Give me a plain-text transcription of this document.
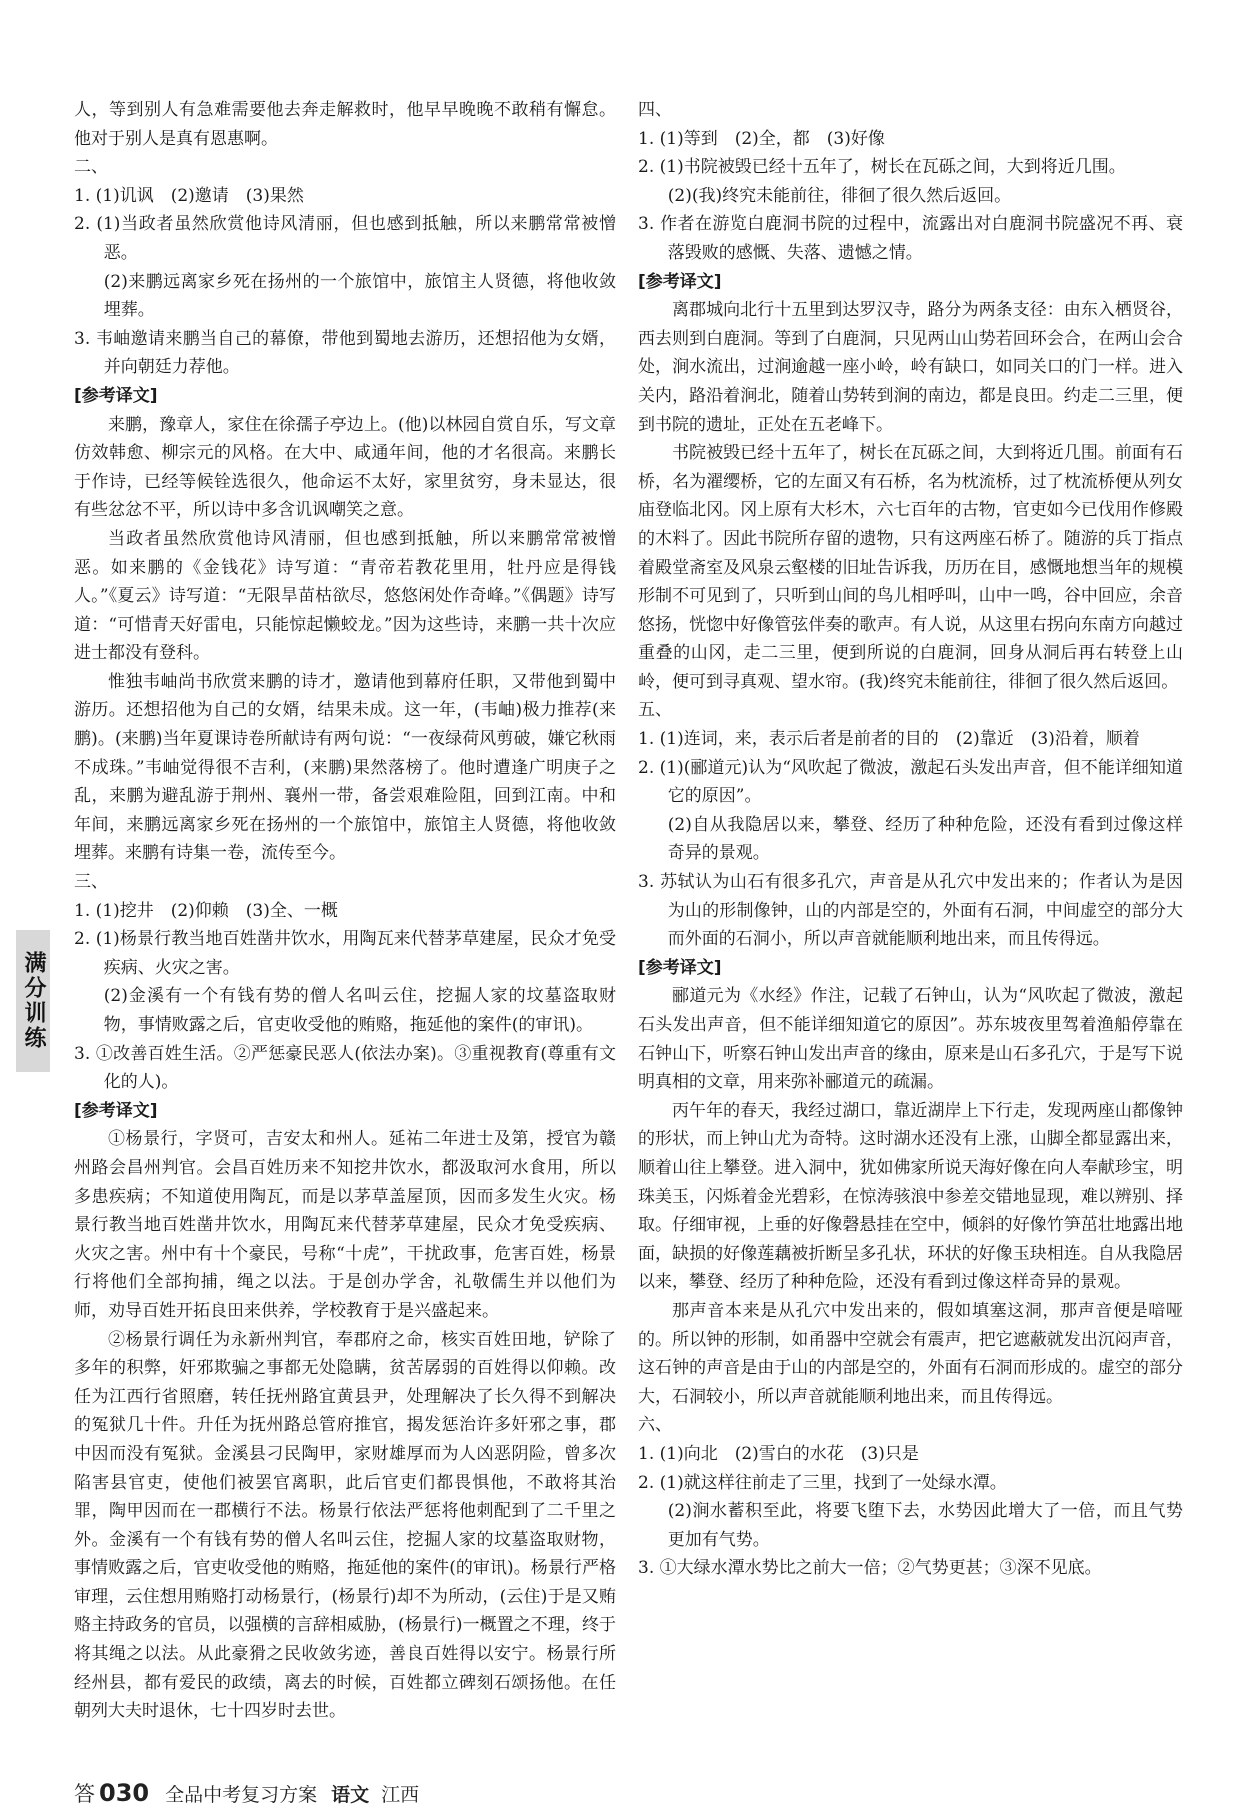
人，等到别人有急难需要他去奔走解救时，他早早晚晚不敢稍有懈怠。他对于别人是真有恩惠啊。

二、

1. (1)讥讽　(2)邀请　(3)果然

2. (1)当政者虽然欣赏他诗风清丽，但也感到抵触，所以来鹏常常被憎恶。

(2)来鹏远离家乡死在扬州的一个旅馆中，旅馆主人贤德，将他收敛埋葬。

3. 韦岫邀请来鹏当自己的幕僚，带他到蜀地去游历，还想招他为女婿，并向朝廷力荐他。

[参考译文]

来鹏，豫章人，家住在徐孺子亭边上。(他)以林园自赏自乐，写文章仿效韩愈、柳宗元的风格。在大中、咸通年间，他的才名很高。来鹏长于作诗，已经等候铨选很久，他命运不太好，家里贫穷，身未显达，很有些忿忿不平，所以诗中多含讥讽嘲笑之意。

当政者虽然欣赏他诗风清丽，但也感到抵触，所以来鹏常常被憎恶。如来鹏的《金钱花》诗写道：“青帝若教花里用，牡丹应是得钱人。”《夏云》诗写道：“无限旱苗枯欲尽，悠悠闲处作奇峰。”《偶题》诗写道：“可惜青天好雷电，只能惊起懒蛟龙。”因为这些诗，来鹏一共十次应进士都没有登科。

惟独韦岫尚书欣赏来鹏的诗才，邀请他到幕府任职，又带他到蜀中游历。还想招他为自己的女婿，结果未成。这一年，(韦岫)极力推荐(来鹏)。(来鹏)当年夏课诗卷所献诗有两句说：“一夜绿荷风剪破，嫌它秋雨不成珠。”韦岫觉得很不吉利，(来鹏)果然落榜了。他时遭逢广明庚子之乱，来鹏为避乱游于荆州、襄州一带，备尝艰难险阻，回到江南。中和年间，来鹏远离家乡死在扬州的一个旅馆中，旅馆主人贤德，将他收敛埋葬。来鹏有诗集一卷，流传至今。

三、

1. (1)挖井　(2)仰赖　(3)全、一概

2. (1)杨景行教当地百姓凿井饮水，用陶瓦来代替茅草建屋，民众才免受疾病、火灾之害。

(2)金溪有一个有钱有势的僧人名叫云住，挖掘人家的坟墓盗取财物，事情败露之后，官吏收受他的贿赂，拖延他的案件(的审讯)。

3. ①改善百姓生活。②严惩豪民恶人(依法办案)。③重视教育(尊重有文化的人)。

[参考译文]

①杨景行，字贤可，吉安太和州人。延祐二年进士及第，授官为赣州路会昌州判官。会昌百姓历来不知挖井饮水，都汲取河水食用，所以多患疾病；不知道使用陶瓦，而是以茅草盖屋顶，因而多发生火灾。杨景行教当地百姓凿井饮水，用陶瓦来代替茅草建屋，民众才免受疾病、火灾之害。州中有十个豪民，号称“十虎”，干扰政事，危害百姓，杨景行将他们全部拘捕，绳之以法。于是创办学舍，礼敬儒生并以他们为师，劝导百姓开拓良田来供养，学校教育于是兴盛起来。

②杨景行调任为永新州判官，奉郡府之命，核实百姓田地，铲除了多年的积弊，奸邪欺骗之事都无处隐瞒，贫苦孱弱的百姓得以仰赖。改任为江西行省照磨，转任抚州路宜黄县尹，处理解决了长久得不到解决的冤狱几十件。升任为抚州路总管府推官，揭发惩治许多奸邪之事，郡中因而没有冤狱。金溪县刁民陶甲，家财雄厚而为人凶恶阴险，曾多次陷害县官吏，使他们被罢官离职，此后官吏们都畏惧他，不敢将其治罪，陶甲因而在一郡横行不法。杨景行依法严惩将他刺配到了二千里之外。金溪有一个有钱有势的僧人名叫云住，挖掘人家的坟墓盗取财物，事情败露之后，官吏收受他的贿赂，拖延他的案件(的审讯)。杨景行严格审理，云住想用贿赂打动杨景行，(杨景行)却不为所动，(云住)于是又贿赂主持政务的官员，以强横的言辞相威胁，(杨景行)一概置之不理，终于将其绳之以法。从此豪猾之民收敛劣迹，善良百姓得以安宁。杨景行所经州县，都有爱民的政绩，离去的时候，百姓都立碑刻石颂扬他。在任朝列大夫时退休，七十四岁时去世。

四、

1. (1)等到　(2)全，都　(3)好像

2. (1)书院被毁已经十五年了，树长在瓦砾之间，大到将近几围。

(2)(我)终究未能前往，徘徊了很久然后返回。

3. 作者在游览白鹿洞书院的过程中，流露出对白鹿洞书院盛况不再、衰落毁败的感慨、失落、遗憾之情。

[参考译文]

离郡城向北行十五里到达罗汉寺，路分为两条支径：由东入栖贤谷，西去则到白鹿洞。等到了白鹿洞，只见两山山势若回环会合，在两山会合处，涧水流出，过涧逾越一座小岭，岭有缺口，如同关口的门一样。进入关内，路沿着涧北，随着山势转到涧的南边，都是良田。约走二三里，便到书院的遗址，正处在五老峰下。

书院被毁已经十五年了，树长在瓦砾之间，大到将近几围。前面有石桥，名为濯缨桥，它的左面又有石桥，名为枕流桥，过了枕流桥便从列女庙登临北冈。冈上原有大杉木，六七百年的古物，官吏如今已伐用作修殿的木料了。因此书院所存留的遗物，只有这两座石桥了。随游的兵丁指点着殿堂斋室及风泉云壑楼的旧址告诉我，历历在目，感慨地想当年的规模形制不可见到了，只听到山间的鸟儿相呼叫，山中一鸣，谷中回应，余音悠扬，恍惚中好像管弦伴奏的歌声。有人说，从这里右拐向东南方向越过重叠的山冈，走二三里，便到所说的白鹿洞，回身从洞后再右转登上山岭，便可到寻真观、望水帘。(我)终究未能前往，徘徊了很久然后返回。

五、

1. (1)连词，来，表示后者是前者的目的　(2)靠近　(3)沿着，顺着

2. (1)(郦道元)认为“风吹起了微波，激起石头发出声音，但不能详细知道它的原因”。

(2)自从我隐居以来，攀登、经历了种种危险，还没有看到过像这样奇异的景观。

3. 苏轼认为山石有很多孔穴，声音是从孔穴中发出来的；作者认为是因为山的形制像钟，山的内部是空的，外面有石洞，中间虚空的部分大而外面的石洞小，所以声音就能顺利地出来，而且传得远。

[参考译文]

郦道元为《水经》作注，记载了石钟山，认为“风吹起了微波，激起石头发出声音，但不能详细知道它的原因”。苏东坡夜里驾着渔船停靠在石钟山下，听察石钟山发出声音的缘由，原来是山石多孔穴，于是写下说明真相的文章，用来弥补郦道元的疏漏。

丙午年的春天，我经过湖口，靠近湖岸上下行走，发现两座山都像钟的形状，而上钟山尤为奇特。这时湖水还没有上涨，山脚全都显露出来，顺着山往上攀登。进入洞中，犹如佛家所说天海好像在向人奉献珍宝，明珠美玉，闪烁着金光碧彩，在惊涛骇浪中参差交错地显现，难以辨别、择取。仔细审视，上垂的好像磬悬挂在空中，倾斜的好像竹笋茁壮地露出地面，缺损的好像莲藕被折断呈多孔状，环状的好像玉玦相连。自从我隐居以来，攀登、经历了种种危险，还没有看到过像这样奇异的景观。

那声音本来是从孔穴中发出来的，假如填塞这洞，那声音便是喑哑的。所以钟的形制，如甬器中空就会有震声，把它遮蔽就发出沉闷声音，这石钟的声音是由于山的内部是空的，外面有石洞而形成的。虚空的部分大，石洞较小，所以声音就能顺利地出来，而且传得远。

六、

1. (1)向北　(2)雪白的水花　(3)只是

2. (1)就这样往前走了三里，找到了一处绿水潭。

(2)涧水蓄积至此，将要飞堕下去，水势因此增大了一倍，而且气势更加有气势。

3. ①大绿水潭水势比之前大一倍；②气势更甚；③深不见底。

满分训练
答 030 全品中考复习方案 语文 江西
